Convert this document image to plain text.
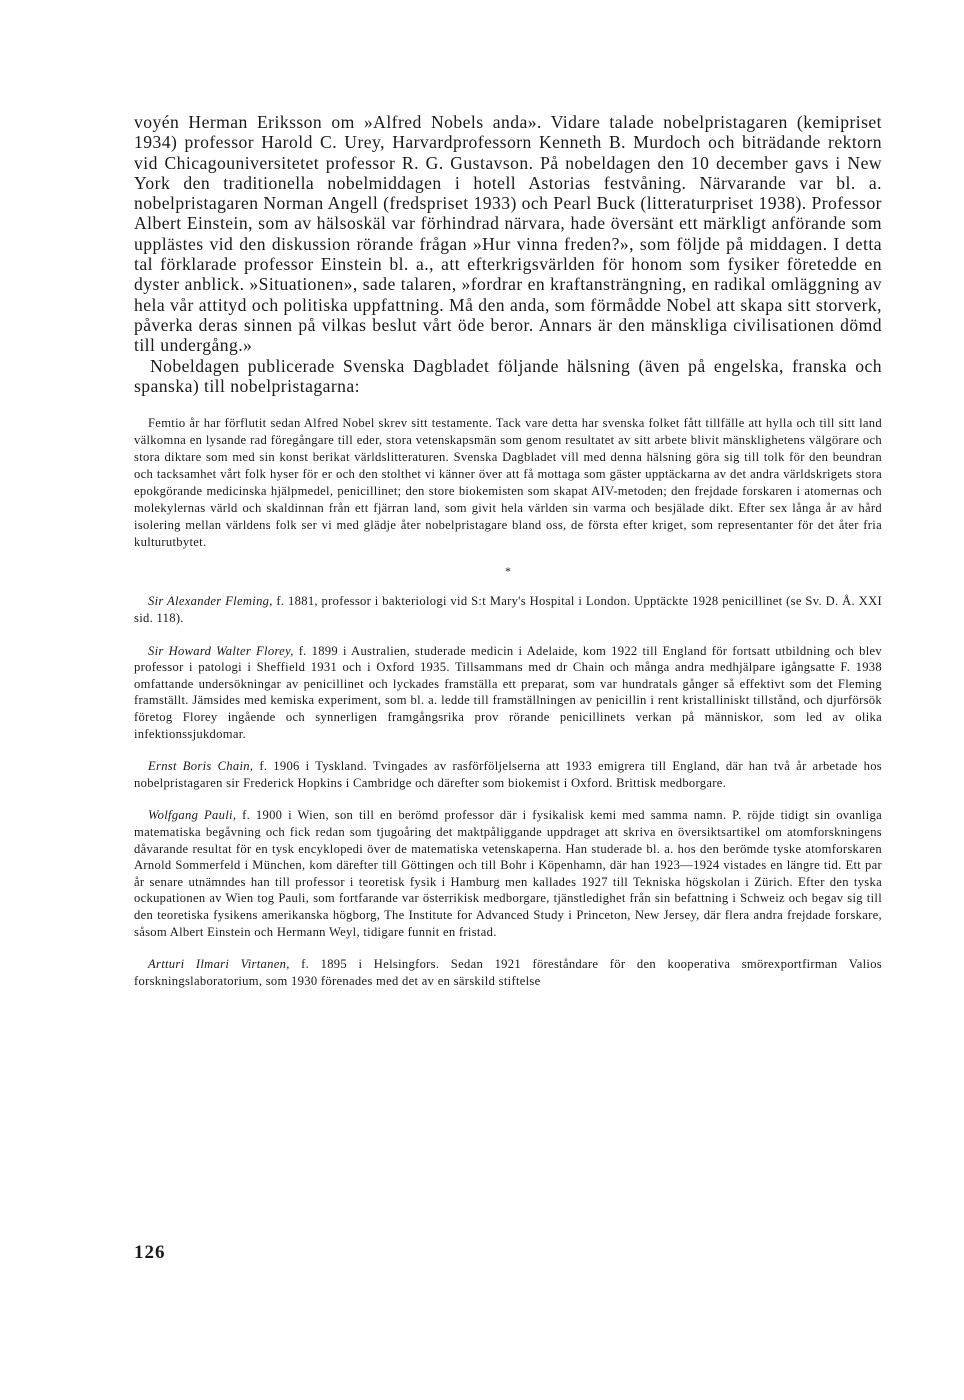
voyén Herman Eriksson om »Alfred Nobels anda». Vidare talade nobelpristagaren (kemipriset 1934) professor Harold C. Urey, Harvardprofessorn Kenneth B. Murdoch och biträdande rektorn vid Chicagouniversitetet professor R. G. Gustavson. På nobeldagen den 10 december gavs i New York den traditionella nobelmiddagen i hotell Astorias festvåning. Närvarande var bl. a. nobelpristagaren Norman Angell (fredspriset 1933) och Pearl Buck (litteraturpriset 1938). Professor Albert Einstein, som av hälsoskäl var förhindrad närvara, hade översänt ett märkligt anförande som upplästes vid den diskussion rörande frågan »Hur vinna freden?», som följde på middagen. I detta tal förklarade professor Einstein bl. a., att efterkrigsvärlden för honom som fysiker företedde en dyster anblick. »Situationen», sade talaren, »fordrar en kraftansträngning, en radikal omläggning av hela vår attityd och politiska uppfattning. Må den anda, som förmådde Nobel att skapa sitt storverk, påverka deras sinnen på vilkas beslut vårt öde beror. Annars är den mänskliga civilisationen dömd till undergång.»

Nobeldagen publicerade Svenska Dagbladet följande hälsning (även på engelska, franska och spanska) till nobelpristagarna:

Femtio år har förflutit sedan Alfred Nobel skrev sitt testamente. Tack vare detta har svenska folket fått tillfälle att hylla och till sitt land välkomna en lysande rad föregångare till eder, stora vetenskapsmän som genom resultatet av sitt arbete blivit mänsklighetens välgörare och stora diktare som med sin konst berikat världslitteraturen. Svenska Dagbladet vill med denna hälsning göra sig till tolk för den beundran och tacksamhet vårt folk hyser för er och den stolthet vi känner över att få mottaga som gäster upptäckarna av det andra världskrigets stora epokgörande medicinska hjälpmedel, penicillinet; den store biokemisten som skapat AIV-metoden; den frejdade forskaren i atomernas och molekylernas värld och skaldinnan från ett fjärran land, som givit hela världen sin varma och besjälade dikt. Efter sex långa år av hård isolering mellan världens folk ser vi med glädje åter nobelpristagare bland oss, de första efter kriget, som representanter för det åter fria kulturutbytet.

*

Sir Alexander Fleming, f. 1881, professor i bakteriologi vid S:t Mary's Hospital i London. Upptäckte 1928 penicillinet (se Sv. D. Å. XXI sid. 118).

Sir Howard Walter Florey, f. 1899 i Australien, studerade medicin i Adelaide, kom 1922 till England för fortsatt utbildning och blev professor i patologi i Sheffield 1931 och i Oxford 1935. Tillsammans med dr Chain och många andra medhjälpare igångsatte F. 1938 omfattande undersökningar av penicillinet och lyckades framställa ett preparat, som var hundratals gånger så effektivt som det Fleming framställt. Jämsides med kemiska experiment, som bl. a. ledde till framställningen av penicillin i rent kristalliniskt tillstånd, och djurförsök företog Florey ingående och synnerligen framgångsrika prov rörande penicillinets verkan på människor, som led av olika infektionssjukdomar.

Ernst Boris Chain, f. 1906 i Tyskland. Tvingades av rasförföljelserna att 1933 emigrera till England, där han två år arbetade hos nobelpristagaren sir Frederick Hopkins i Cambridge och därefter som biokemist i Oxford. Brittisk medborgare.

Wolfgang Pauli, f. 1900 i Wien, son till en berömd professor där i fysikalisk kemi med samma namn. P. röjde tidigt sin ovanliga matematiska begåvning och fick redan som tjugoåring det maktpåliggande uppdraget att skriva en översiktsartikel om atomforskningens dåvarande resultat för en tysk encyklopedi över de matematiska vetenskaperna. Han studerade bl. a. hos den berömde tyske atomforskaren Arnold Sommerfeld i München, kom därefter till Göttingen och till Bohr i Köpenhamn, där han 1923—1924 vistades en längre tid. Ett par år senare utnämndes han till professor i teoretisk fysik i Hamburg men kallades 1927 till Tekniska högskolan i Zürich. Efter den tyska ockupationen av Wien tog Pauli, som fortfarande var österrikisk medborgare, tjänstledighet från sin befattning i Schweiz och begav sig till den teoretiska fysikens amerikanska högborg, The Institute for Advanced Study i Princeton, New Jersey, där flera andra frejdade forskare, såsom Albert Einstein och Hermann Weyl, tidigare funnit en fristad.

Artturi Ilmari Virtanen, f. 1895 i Helsingfors. Sedan 1921 föreståndare för den kooperativa smörexportfirman Valios forskningslaboratorium, som 1930 förenades med det av en särskild stiftelse

126
